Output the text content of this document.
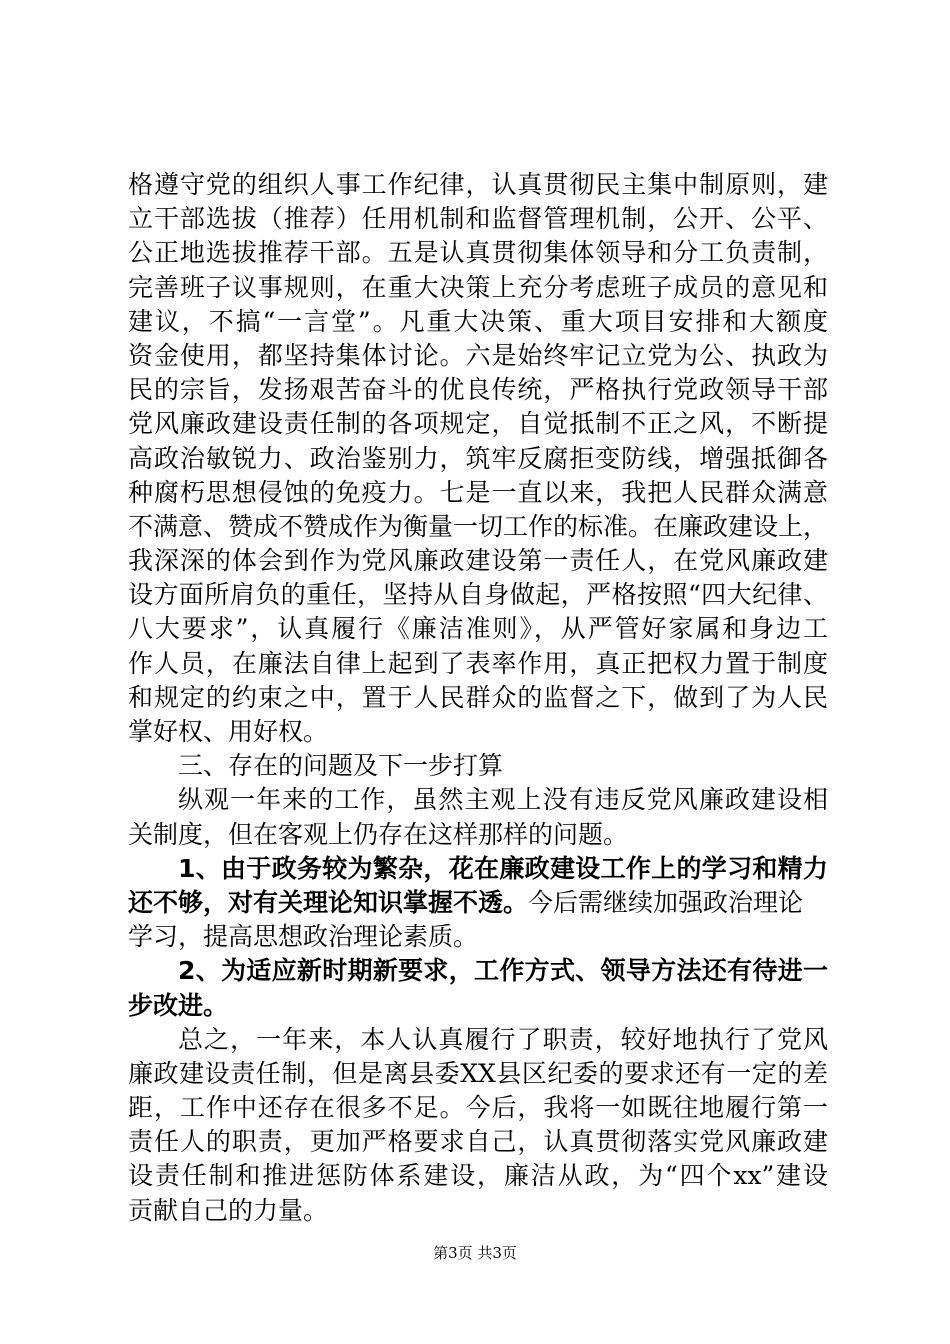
格遵守党的组织人事工作纪律，认真贯彻民主集中制原则，建
立干部选拔（推荐）任用机制和监督管理机制，公开、公平、
公正地选拔推荐干部。五是认真贯彻集体领导和分工负责制，
完善班子议事规则，在重大决策上充分考虑班子成员的意见和
建议，不搞“一言堂”。凡重大决策、重大项目安排和大额度
资金使用，都坚持集体讨论。六是始终牢记立党为公、执政为
民的宗旨，发扬艰苦奋斗的优良传统，严格执行党政领导干部
党风廉政建设责任制的各项规定，自觉抵制不正之风，不断提
高政治敏锐力、政治鉴别力，筑牢反腐拒变防线，增强抵御各
种腐朽思想侵蚀的免疫力。七是一直以来，我把人民群众满意
不满意、赞成不赞成作为衡量一切工作的标准。在廉政建设上，
我深深的体会到作为党风廉政建设第一责任人，在党风廉政建
设方面所肩负的重任，坚持从自身做起，严格按照“四大纪律、
八大要求”，认真履行《廉洁准则》，从严管好家属和身边工
作人员，在廉法自律上起到了表率作用，真正把权力置于制度
和规定的约束之中，置于人民群众的监督之下，做到了为人民
掌好权、用好权。
三、存在的问题及下一步打算
纵观一年来的工作，虽然主观上没有违反党风廉政建设相
关制度，但在客观上仍存在这样那样的问题。
1、由于政务较为繁杂，花在廉政建设工作上的学习和精力
还不够，对有关理论知识掌握不透。今后需继续加强政治理论
学习，提高思想政治理论素质。
2、为适应新时期新要求，工作方式、领导方法还有待进一
步改进。
总之，一年来，本人认真履行了职责，较好地执行了党风
廉政建设责任制，但是离县委XX县区纪委的要求还有一定的差
距，工作中还存在很多不足。今后，我将一如既往地履行第一
责任人的职责，更加严格要求自己，认真贯彻落实党风廉政建
设责任制和推进惩防体系建设，廉洁从政，为“四个xx”建设
贡献自己的力量。
第3页 共3页
